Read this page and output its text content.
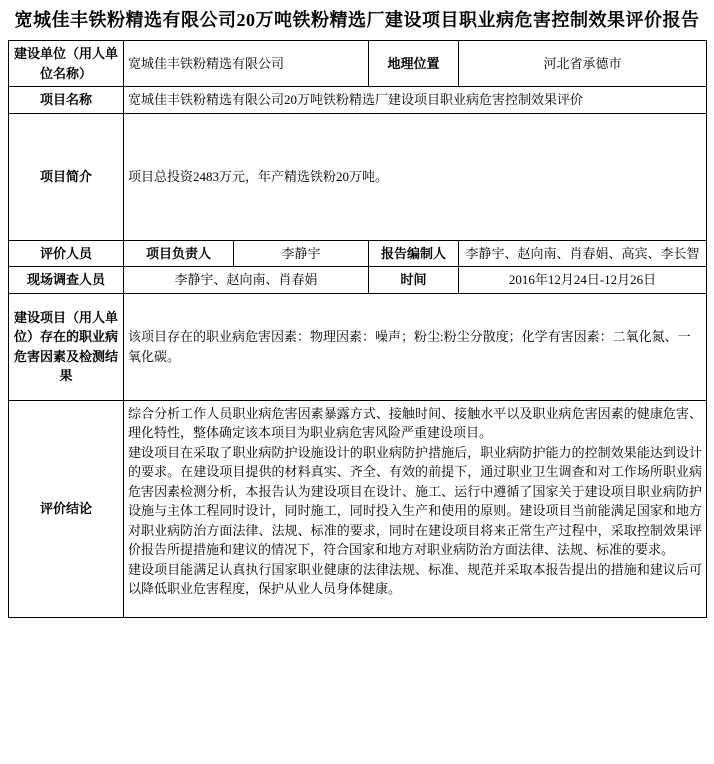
宽城佳丰铁粉精选有限公司20万吨铁粉精选厂建设项目职业病危害控制效果评价报告
建设单位（用人单位名称）	宽城佳丰铁粉精选有限公司		地理位置	河北省承德市
项目名称	宽城佳丰铁粉精选有限公司20万吨铁粉精选厂建设项目职业病危害控制效果评价			
项目简介	项目总投资2483万元，年产精选铁粉20万吨。			
评价人员	项目负责人	李静宇	报告编制人	李静宇、赵向南、肖春娟、高宾、李长智
现场调查人员	李静宇、赵向南、肖春娟		时间	2016年12月24日-12月26日
建设项目（用人单位）存在的职业病危害因素及检测结果	该项目存在的职业病危害因素：物理因素：噪声；粉尘:粉尘分散度；化学有害因素：二氧化氮、一氧化碳。			
评价结论	综合分析工作人员职业病危害因素暴露方式、接触时间、接触水平以及职业病危害因素的健康危害、理化特性，整体确定该本项目为职业病危害风险严重建设项目。
建设项目在采取了职业病防护设施设计的职业病防护措施后，职业病防护能力的控制效果能达到设计的要求。在建设项目提供的材料真实、齐全、有效的前提下，通过职业卫生调查和对工作场所职业病危害因素检测分析，本报告认为建设项目在设计、施工、运行中遵循了国家关于建设项目职业病防护设施与主体工程同时设计，同时施工，同时投入生产和使用的原则。建设项目当前能满足国家和地方对职业病防治方面法律、法规、标准的要求，同时在建设项目将来正常生产过程中，采取控制效果评价报告所提措施和建议的情况下，符合国家和地方对职业病防治方面法律、法规、标准的要求。
建设项目能满足认真执行国家职业健康的法律法规、标准、规范并采取本报告提出的措施和建议后可以降低职业危害程度，保护从业人员身体健康。			
